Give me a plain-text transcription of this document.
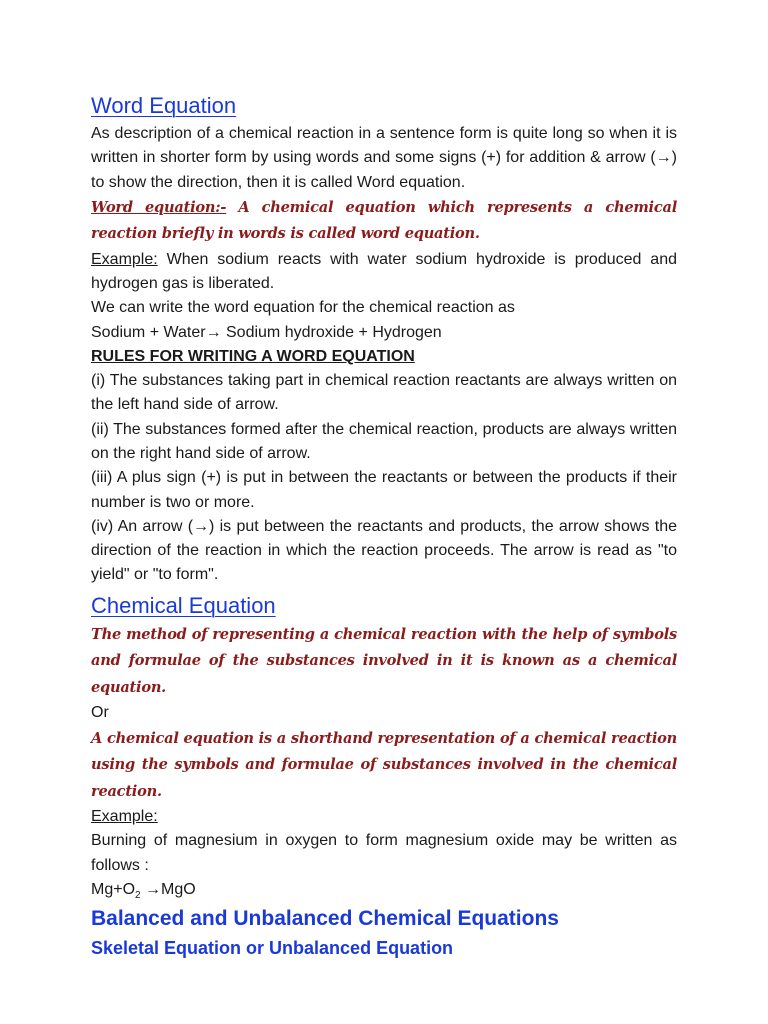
Word Equation

As description of a chemical reaction in a sentence form is quite long so when it is written in shorter form by using words and some signs (+) for addition & arrow (→) to show the direction, then it is called Word equation.

Word equation:- A chemical equation which represents a chemical reaction briefly in words is called word equation.

Example: When sodium reacts with water sodium hydroxide is produced and hydrogen gas is liberated.

We can write the word equation for the chemical reaction as

Sodium + Water→ Sodium hydroxide + Hydrogen

RULES FOR WRITING A WORD EQUATION

(i) The substances taking part in chemical reaction reactants are always written on the left hand side of arrow.

(ii) The substances formed after the chemical reaction, products are always written on the right hand side of arrow.

(iii) A plus sign (+) is put in between the reactants or between the products if their number is two or more.

(iv) An arrow (→) is put between the reactants and products, the arrow shows the direction of the reaction in which the reaction proceeds. The arrow is read as "to yield" or "to form".

Chemical Equation

The method of representing a chemical reaction with the help of symbols and formulae of the substances involved in it is known as a chemical equation.

Or

A chemical equation is a shorthand representation of a chemical reaction using the symbols and formulae of substances involved in the chemical reaction.

Example:

Burning of magnesium in oxygen to form magnesium oxide may be written as follows :

$Mg+O_2 \to MgO$

Balanced and Unbalanced Chemical Equations

Skeletal Equation or Unbalanced Equation
